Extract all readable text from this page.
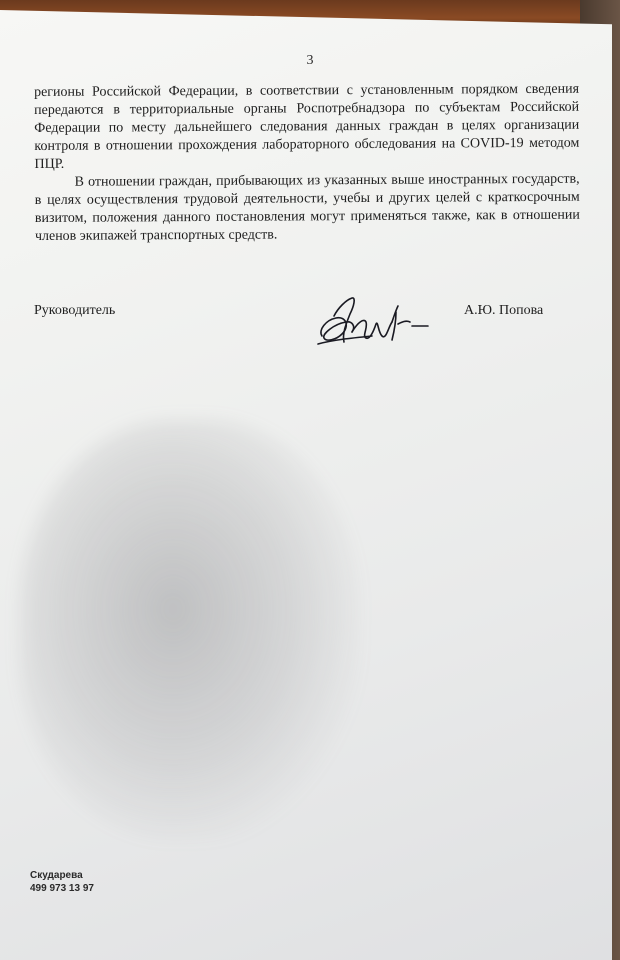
3

регионы Российской Федерации, в соответствии с установленным порядком сведения передаются в территориальные органы Роспотребнадзора по субъектам Российской Федерации по месту дальнейшего следования данных граждан в целях организации контроля в отношении прохождения лабораторного обследования на COVID-19 методом ПЦР.

В отношении граждан, прибывающих из указанных выше иностранных государств, в целях осуществления трудовой деятельности, учебы и других целей с краткосрочным визитом, положения данного постановления могут применяться также, как в отношении членов экипажей транспортных средств.

Руководитель	А.Ю. Попова
Скударева
499 973 13 97
